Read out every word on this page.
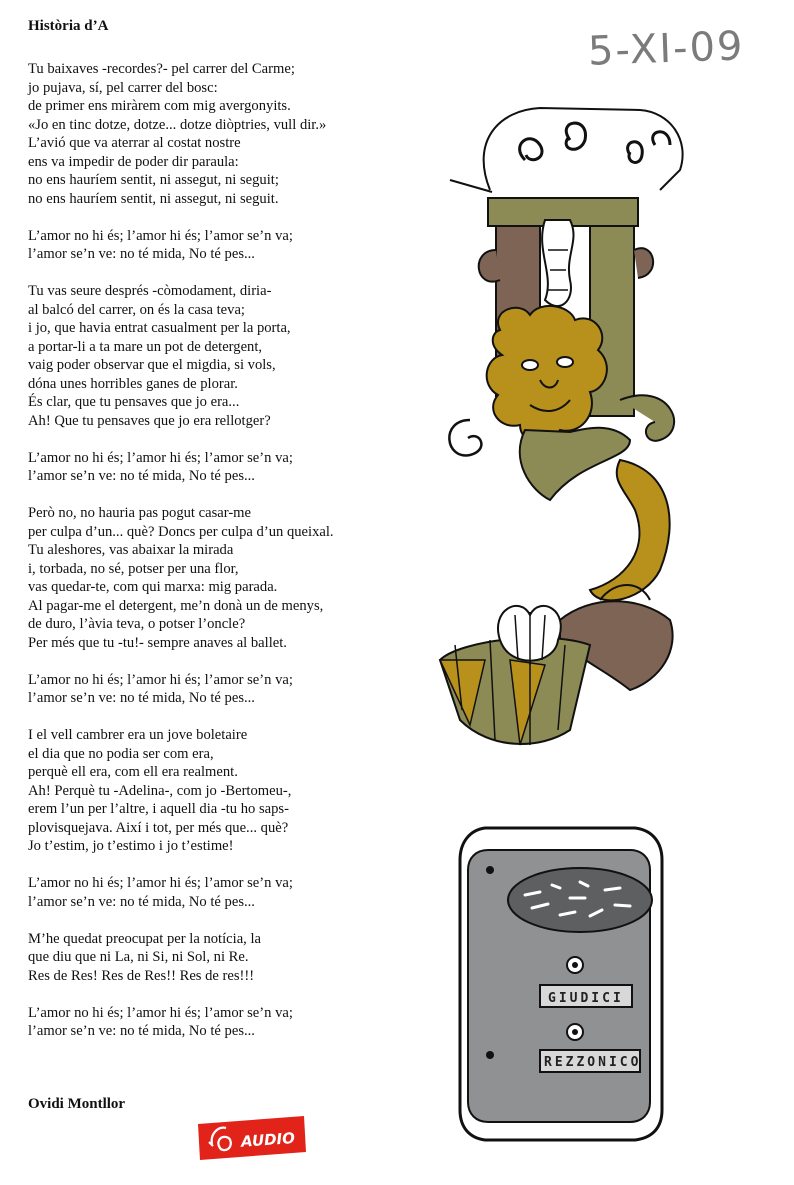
Història d’A
Tu baixaves -recordes?- pel carrer del Carme;
jo pujava, sí, pel carrer del bosc:
de primer ens miràrem com mig avergonyits.
«Jo en tinc dotze, dotze... dotze diòptries, vull dir.»
L’avió que va aterrar al costat nostre
ens va impedir de poder dir paraula:
no ens hauríem sentit, ni assegut, ni seguit;
no ens hauríem sentit, ni assegut, ni seguit.
L’amor no hi és; l’amor hi és; l’amor se’n va;
l’amor se’n ve: no té mida, No té pes...
Tu vas seure després -còmodament, diria-
al balcó del carrer, on és la casa teva;
i jo, que havia entrat casualment per la porta,
a portar-li a ta mare un pot de detergent,
vaig poder observar que el migdia, si vols,
dóna unes horribles ganes de plorar.
És clar, que tu pensaves que jo era...
Ah! Que tu pensaves que jo era rellotger?
L’amor no hi és; l’amor hi és; l’amor se’n va;
l’amor se’n ve: no té mida, No té pes...
Però no, no hauria pas pogut casar-me
per culpa d’un... què? Doncs per culpa d’un queixal.
Tu aleshores, vas abaixar la mirada
i, torbada, no sé, potser per una flor,
vas quedar-te, com qui marxa: mig parada.
Al pagar-me el detergent, me’n donà un de menys,
de duro, l’àvia teva, o potser l’oncle?
Per més que tu -tu!- sempre anaves al ballet.
L’amor no hi és; l’amor hi és; l’amor se’n va;
l’amor se’n ve: no té mida, No té pes...
I el vell cambrer era un jove boletaire
el dia que no podia ser com era,
perquè ell era, com ell era realment.
Ah! Perquè tu -Adelina-, com jo -Bertomeu-,
erem l’un per l’altre, i aquell dia -tu ho saps-
plovisquejava. Així i tot, per més que... què?
Jo t’estim, jo t’estimo i jo t’estime!
L’amor no hi és; l’amor hi és; l’amor se’n va;
l’amor se’n ve: no té mida, No té pes...
M’he quedat preocupat per la notícia, la
que diu que ni La, ni Si, ni Sol, ni Re.
Res de Res! Res de Res!! Res de res!!!
L’amor no hi és; l’amor hi és; l’amor se’n va;
l’amor se’n ve: no té mida, No té pes...
Ovidi Montllor
AUDIO
5-XI-09
GIUDICI
REZZONICO
